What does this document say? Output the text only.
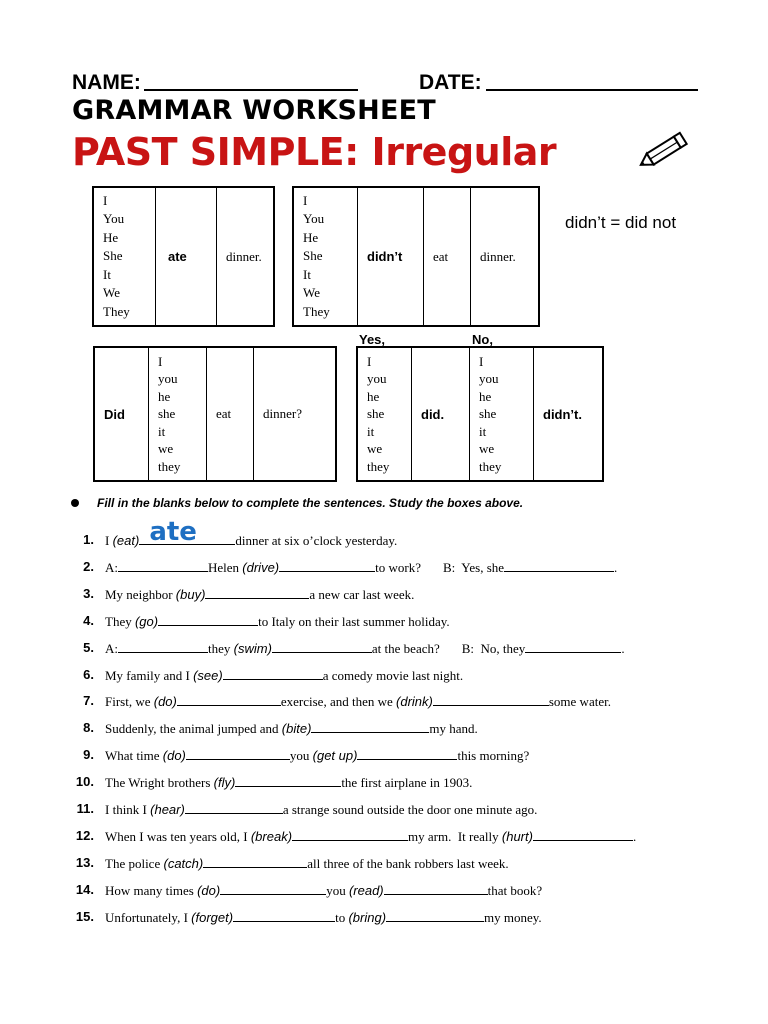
NAME:	DATE:
GRAMMAR WORKSHEET
PAST SIMPLE: Irregular
didn’t = did not
I
You
He
She
It
We
They
	ate	dinner.
I
You
He
She
It
We
They
	didn’t	eat	dinner.
Did	
I
you
he
she
it
we
they
	eat	dinner?
Yes,	No,
I
you
he
she
it
we
they
	did.	
I
you
he
she
it
we
they
	didn’t.
Fill in the blanks below to complete the sentences. Study the boxes above.
1. I (eat) ate	dinner at six o’clock yesterday.
2. A:	Helen (drive)	to work? B:  Yes, she	.
3. My neighbor (buy)	a new car last week.
4. They (go)	to Italy on their last summer holiday.
5. A:	they (swim)	at the beach? B:  No, they	.
6. My family and I (see)	a comedy movie last night.
7. First, we (do)	exercise, and then we (drink)	some water.
8. Suddenly, the animal jumped and (bite)	my hand.
9. What time (do)	you (get up)	this morning?
10. The Wright brothers (fly)	the first airplane in 1903.
11. I think I (hear)	a strange sound outside the door one minute ago.
12. When I was ten years old, I (break)	my arm.  It really (hurt)	.
13. The police (catch)	all three of the bank robbers last week.
14. How many times (do)	you (read)	that book?
15. Unfortunately, I (forget)	to (bring)	my money.
